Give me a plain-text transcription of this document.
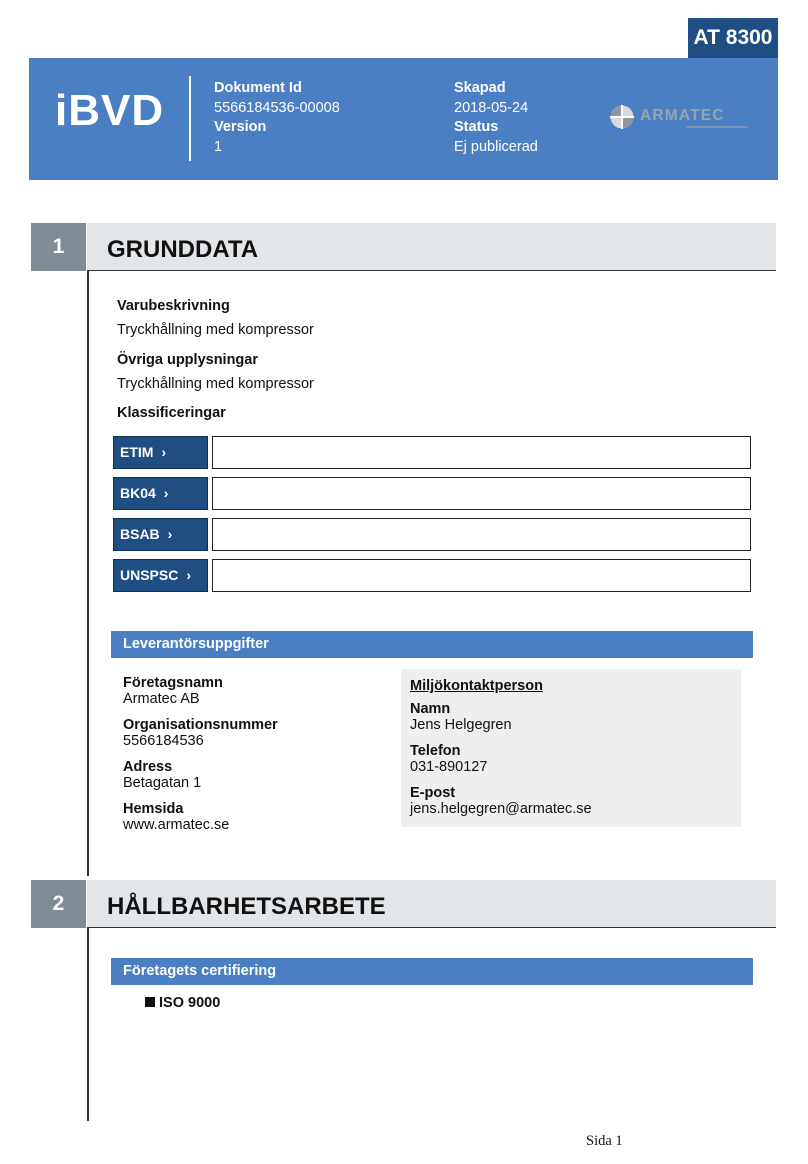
AT 8300
iBVD	Dokument Id
5566184536-00008
Version
1
Skapad
2018-05-24
Status
Ej publicerad
ARMATEC
1	GRUNDDATA
Varubeskrivning
Tryckhållning med kompressor
Övriga upplysningar
Tryckhållning med kompressor
Klassificeringar
ETIM ›
BK04 ›
BSAB ›
UNSPSC ›
Leverantörsuppgifter
Företagsnamn
Armatec AB
Organisationsnummer
5566184536
Adress
Betagatan 1
Hemsida
www.armatec.se
Miljökontaktperson
Namn
Jens Helgegren
Telefon
031-890127
E-post
jens.helgegren@armatec.se
2	HÅLLBARHETSARBETE
Företagets certifiering
ISO 9000
Sida 1
